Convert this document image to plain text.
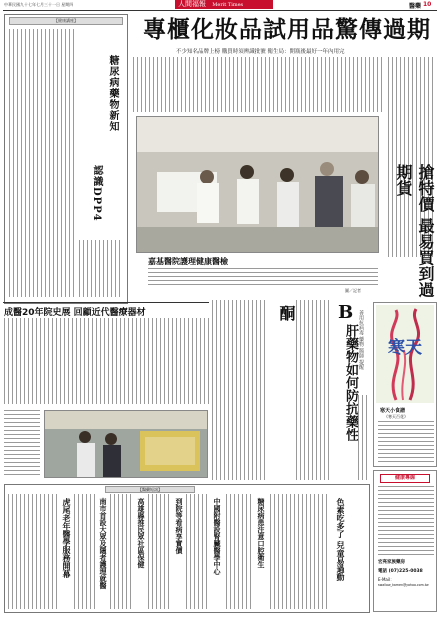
中華民國九十七年七月三十一日 星期四	人間福報 Merit Times	醫藥 10
【健康講座】
糖尿病藥物新知
認識DPP4
專櫃化妝品試用品驚傳過期
不少知名品牌上榜 購買時須辨識批號 衛生局：開瓶後最好一年內用完
嘉基醫院護理健康醫檢
圖／記者	搶特價 最易買到過期貨
酮
成醫20年院史展 回顧近代醫療器材	B
肝藥物如何防抗藥性 善用抗病毒 藥物 醫師 提醒	寒天
寒天小食譜
《寒天百花》
健康專線
宏亮家族藥房
電話 (07)225-0038
E-Mail：
swallow_kamen@yahoo.com.tw
【醫藥短訊】
虎尾老年醫學服務開幕	南市首設大眾及隱者護理就醫	高雄縣推民眾社區保健	到院等看病享實價	中國附醫設腎臟醫學中心	糖尿病患注意口腔衛生	色素吃多了 兒童易過動
